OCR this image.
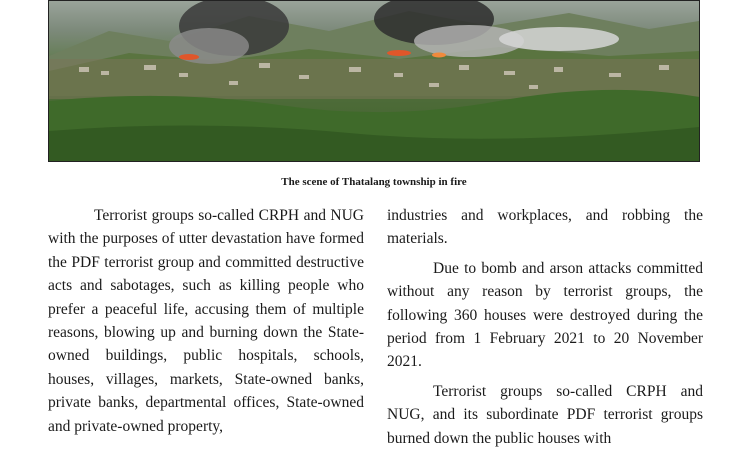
The scene of Thatalang township in fire

Terrorist groups so-called CRPH and NUG with the purposes of utter devastation have formed the PDF terrorist group and committed destructive acts and sabotages, such as killing people who prefer a peaceful life, accusing them of multiple reasons, blowing up and burning down the State-owned buildings, public hospitals, schools, houses, villages, markets, State-owned banks, private banks, departmental offices, State-owned and private-owned property,

industries and workplaces, and robbing the materials.

Due to bomb and arson attacks committed without any reason by terrorist groups, the following 360 houses were destroyed during the period from 1 February 2021 to 20 November 2021.

Terrorist groups so-called CRPH and NUG, and its subordinate PDF terrorist groups burned down the public houses with
